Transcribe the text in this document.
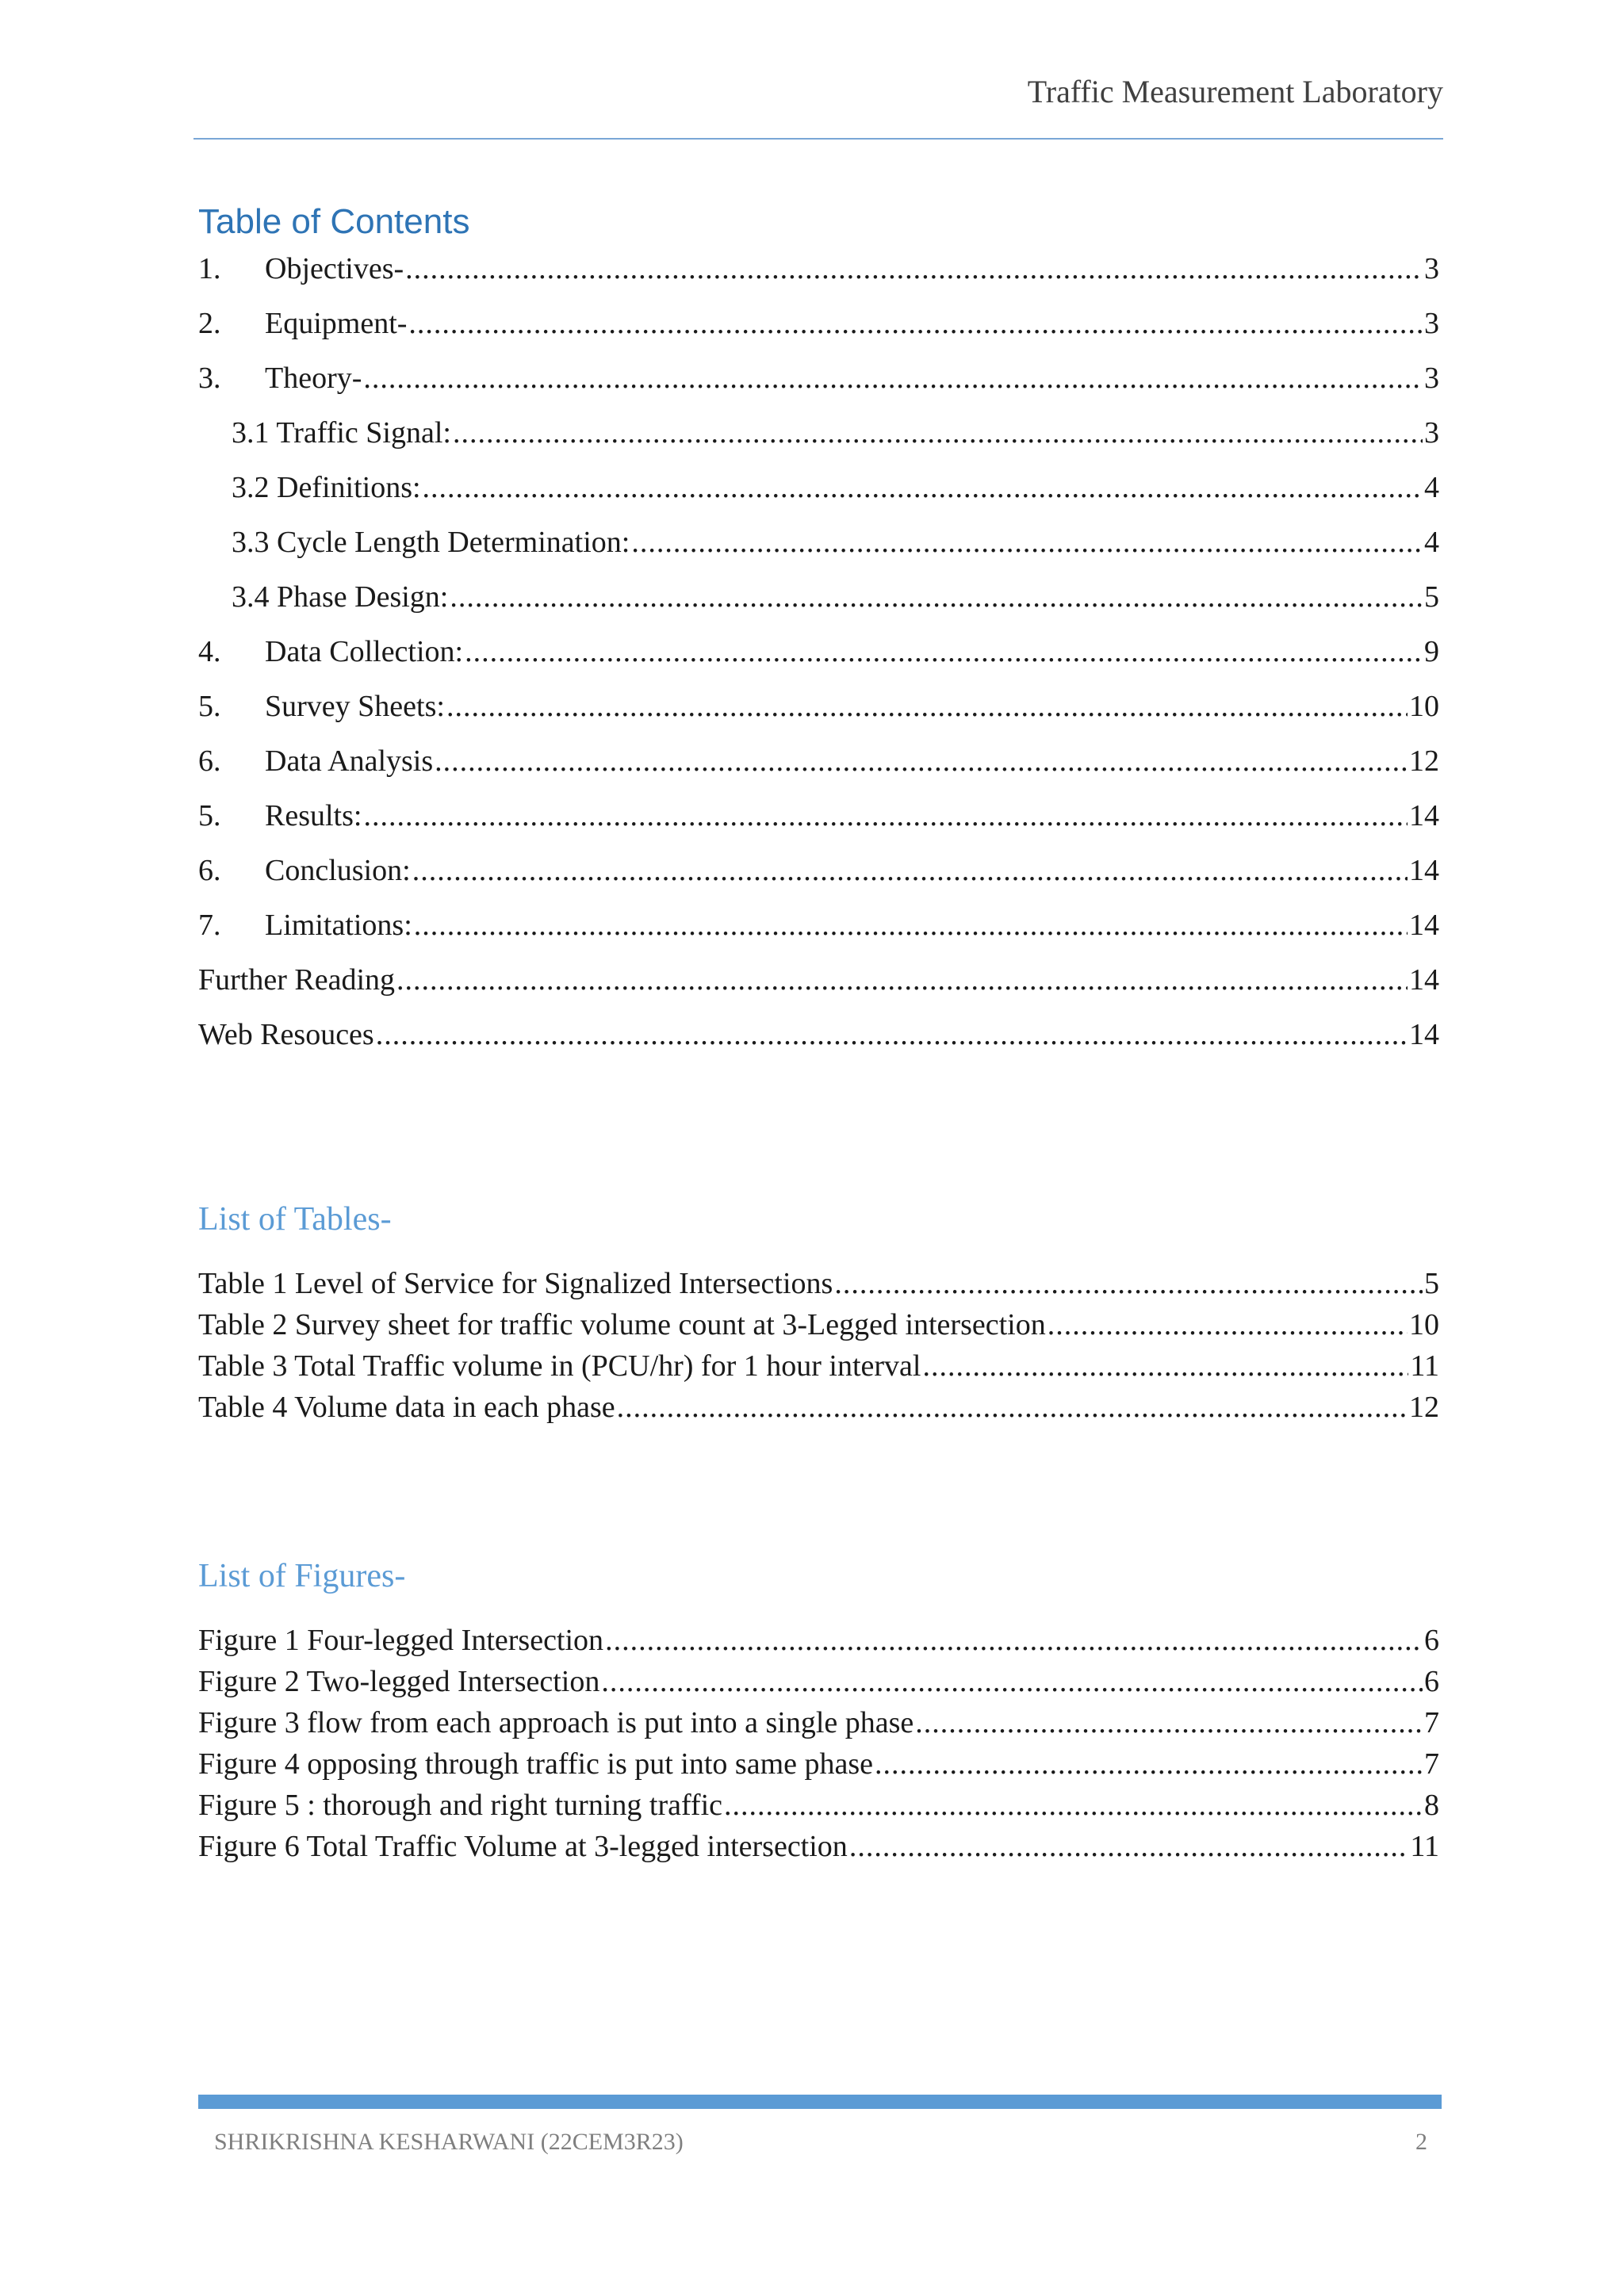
Traffic Measurement Laboratory
Table of Contents
1.	Objectives- .....	3
2.	Equipment- .....	3
3.	Theory- .....	3
3.1 Traffic Signal: .....	3
3.2 Definitions: .....	4
3.3 Cycle Length Determination: .....	4
3.4 Phase Design: .....	5
4.	Data Collection: .....	9
5.	Survey Sheets: .....	10
6.	Data Analysis .....	12
5.	Results: .....	14
6.	Conclusion: .....	14
7.	Limitations: .....	14
Further Reading .....	14
Web Resouces .....	14
List of Tables-
Table 1 Level of Service for Signalized Intersections .....	5
Table 2 Survey sheet for traffic volume count at 3-Legged intersection .....	10
Table 3 Total Traffic volume in (PCU/hr) for 1 hour interval .....	11
Table 4 Volume data in each phase .....	12
List of Figures-
Figure 1 Four-legged Intersection .....	6
Figure 2 Two-legged Intersection .....	6
Figure 3 flow from each approach is put into a single phase .....	7
Figure 4 opposing through traffic is put into same phase .....	7
Figure 5 : thorough and right turning traffic .....	8
Figure 6 Total Traffic Volume at 3-legged intersection .....	11
SHRIKRISHNA KESHARWANI (22CEM3R23)	2
